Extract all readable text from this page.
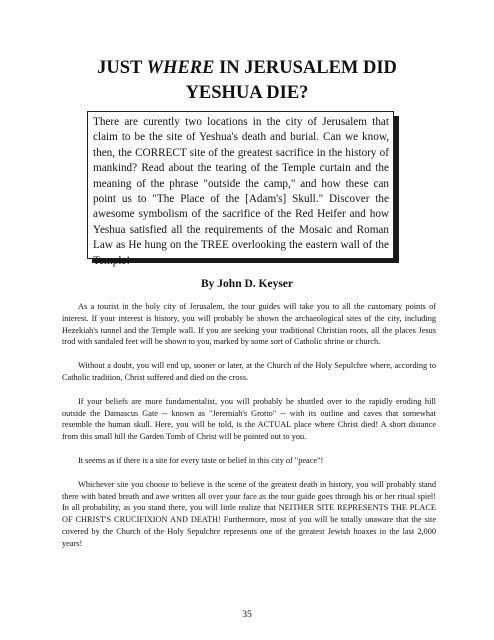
JUST WHERE IN JERUSALEM DID
YESHUA DIE?

There are curently two locations in the city of Jerusalem that claim to be the site of Yeshua's death and burial. Can we know, then, the CORRECT site of the greatest sacrifice in the history of mankind? Read about the tearing of the Temple curtain and the meaning of the phrase "outside the camp," and how these can point us to "The Place of the [Adam's] Skull." Discover the awesome symbolism of the sacrifice of the Red Heifer and how Yeshua satisfied all the requirements of the Mosaic and Roman Law as He hung on the TREE overlooking the eastern wall of the Temple!

By John D. Keyser

As a tourist in the holy city of Jerusalem, the tour guides will take you to all the customary points of interest. If your interest is history, you will probably be shown the archaeological sites of the city, including Hezekiah's tunnel and the Temple wall. If you are seeking your traditional Christian roots, all the places Jesus trod with sandaled feet will be shown to you, marked by some sort of Catholic shrine or church.

Without a doubt, you will end up, sooner or later, at the Church of the Holy Sepulchre where, according to Catholic tradition, Christ suffered and died on the cross.

If your beliefs are more fundamentalist, you will probably be shuttled over to the rapidly eroding hill outside the Damascus Gate -- known as "Jeremiah's Grotto" -- with its outline and caves that somewhat resemble the human skull. Here, you will be told, is the ACTUAL place where Christ died! A short distance from this small hill the Garden Tomb of Christ will be pointed out to you.

It seems as if there is a site for every taste or belief in this city of "peace"!

Whichever site you choose to believe is the scene of the greatest death in history, you will probably stand there with bated breath and awe written all over your face as the tour guide goes through his or her ritual spiel! In all probability, as you stand there, you will little realize that NEITHER SITE REPRESENTS THE PLACE OF CHRIST'S CRUCIFIXION AND DEATH! Furthermore, most of you will be totally unaware that the site covered by the Church of the Holy Sepulchre represents one of the greatest Jewish hoaxes in the last 2,000 years!

35
